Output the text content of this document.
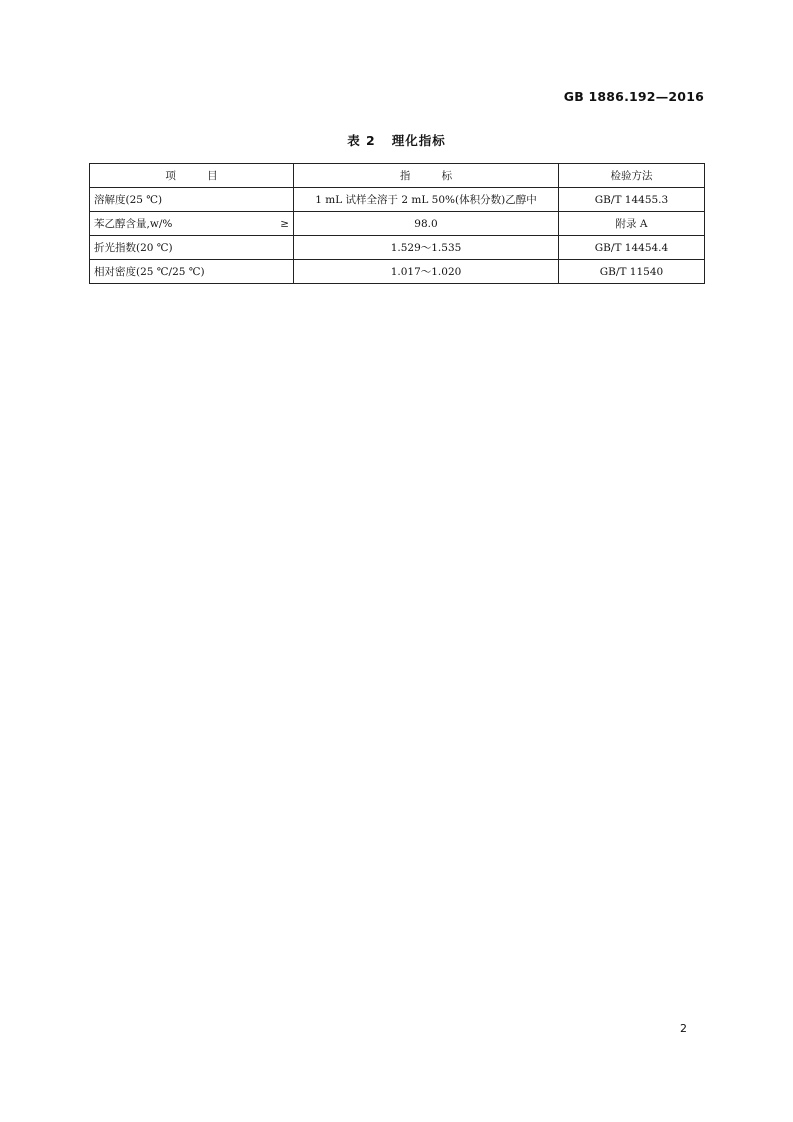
GB 1886.192—2016
表 2   理化指标
项 目	指 标	检验方法

溶解度(25 ℃)	1 mL 试样全溶于 2 mL 50%(体积分数)乙醇中	GB/T 14455.3

苯乙醇含量,w/% ≥	98.0	附录 A

折光指数(20 ℃)	1.529～1.535	GB/T 14454.4

相对密度(25 ℃/25 ℃)	1.017～1.020	GB/T 11540
2
